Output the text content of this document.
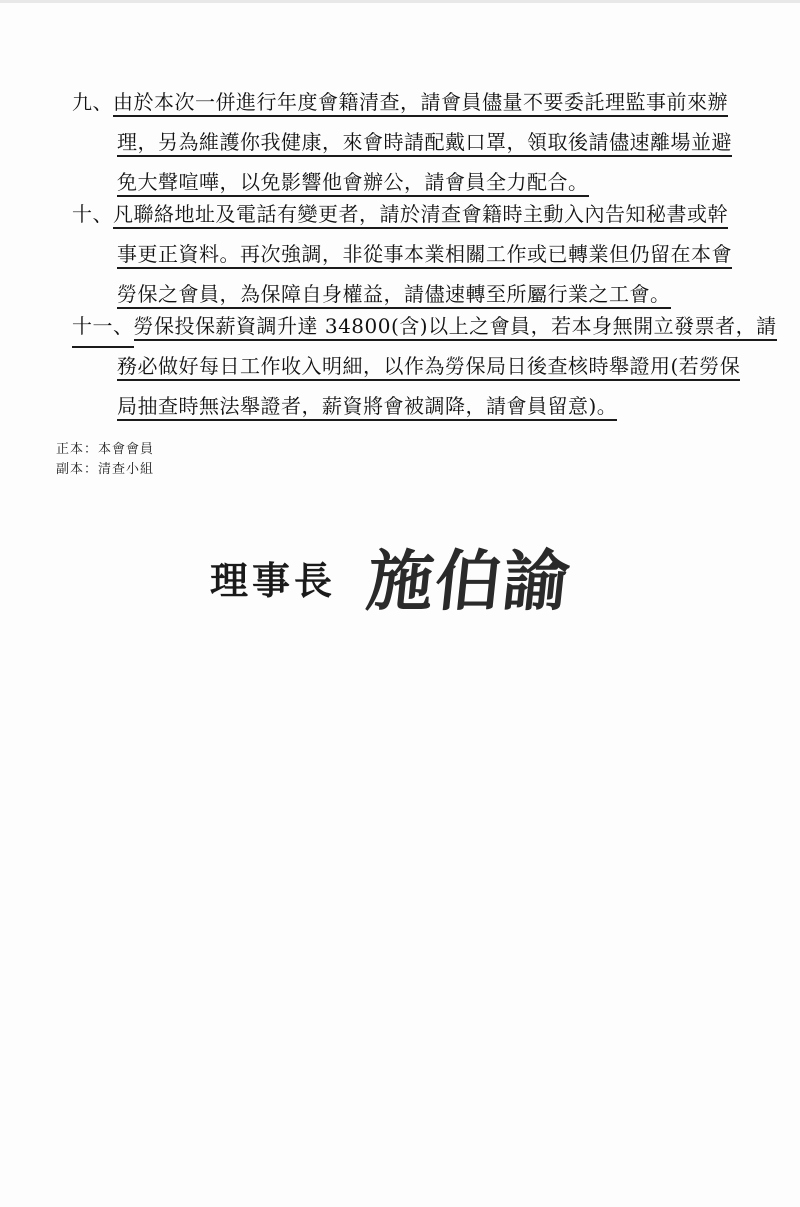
九、由於本次一併進行年度會籍清查，請會員儘量不要委託理監事前來辦
理，另為維護你我健康，來會時請配戴口罩，領取後請儘速離場並避
免大聲喧嘩，以免影響他會辦公，請會員全力配合。
十、凡聯絡地址及電話有變更者，請於清查會籍時主動入內告知秘書或幹
事更正資料。再次強調，非從事本業相關工作或已轉業但仍留在本會
勞保之會員，為保障自身權益，請儘速轉至所屬行業之工會。
十一、勞保投保薪資調升達 34800(含)以上之會員，若本身無開立發票者，請
務必做好每日工作收入明細，以作為勞保局日後查核時舉證用(若勞保
局抽查時無法舉證者，薪資將會被調降，請會員留意)。
正本：本會會員
副本：清查小組
理事長 施伯諭
